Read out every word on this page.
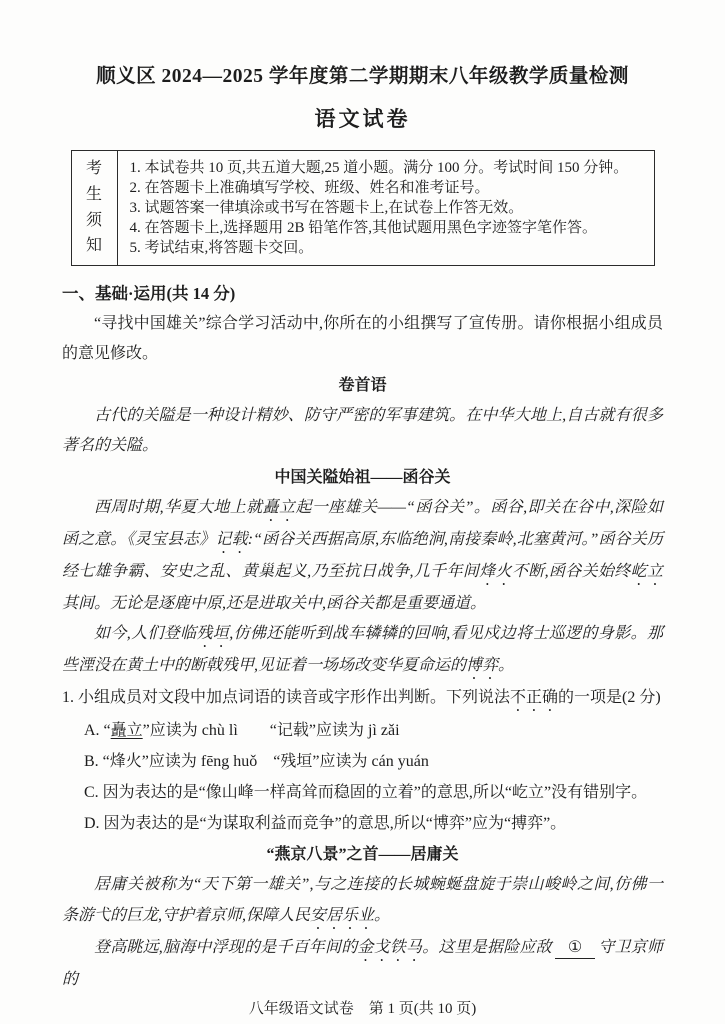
顺义区 2024—2025 学年度第二学期期末八年级教学质量检测
语文试卷
考生须知
1. 本试卷共 10 页,共五道大题,25 道小题。满分 100 分。考试时间 150 分钟。
2. 在答题卡上准确填写学校、班级、姓名和准考证号。
3. 试题答案一律填涂或书写在答题卡上,在试卷上作答无效。
4. 在答题卡上,选择题用 2B 铅笔作答,其他试题用黑色字迹签字笔作答。
5. 考试结束,将答题卡交回。
一、基础·运用(共 14 分)

“寻找中国雄关”综合学习活动中,你所在的小组撰写了宣传册。请你根据小组成员的意见修改。

卷首语

古代的关隘是一种设计精妙、防守严密的军事建筑。在中华大地上,自古就有很多著名的关隘。

中国关隘始祖——函谷关

西周时期,华夏大地上就矗立起一座雄关——“函谷关”。函谷,即关在谷中,深险如函之意。《灵宝县志》记载:“函谷关西据高原,东临绝涧,南接秦岭,北塞黄河。”函谷关历经七雄争霸、安史之乱、黄巢起义,乃至抗日战争,几千年间烽火不断,函谷关始终屹立其间。无论是逐鹿中原,还是进取关中,函谷关都是重要通道。

如今,人们登临残垣,仿佛还能听到战车辚辚的回响,看见戍边将士巡逻的身影。那些湮没在黄土中的断戟残甲,见证着一场场改变华夏命运的博弈。

1. 小组成员对文段中加点词语的读音或字形作出判断。下列说法不正确的一项是(2 分)

A. “矗立”应读为 chù lì　　“记载”应读为 jì zǎi

B. “烽火”应读为 fēng huǒ　“残垣”应读为 cán yuán

C. 因为表达的是“像山峰一样高耸而稳固的立着”的意思,所以“屹立”没有错别字。

D. 因为表达的是“为谋取利益而竞争”的意思,所以“博弈”应为“搏弈”。

“燕京八景”之首——居庸关

居庸关被称为“天下第一雄关”,与之连接的长城蜿蜒盘旋于崇山峻岭之间,仿佛一条游弋的巨龙,守护着京师,保障人民安居乐业。

登高眺远,脑海中浮现的是千百年间的金戈铁马。这里是据险应敌 ① 守卫京师的

八年级语文试卷　第 1 页(共 10 页)
